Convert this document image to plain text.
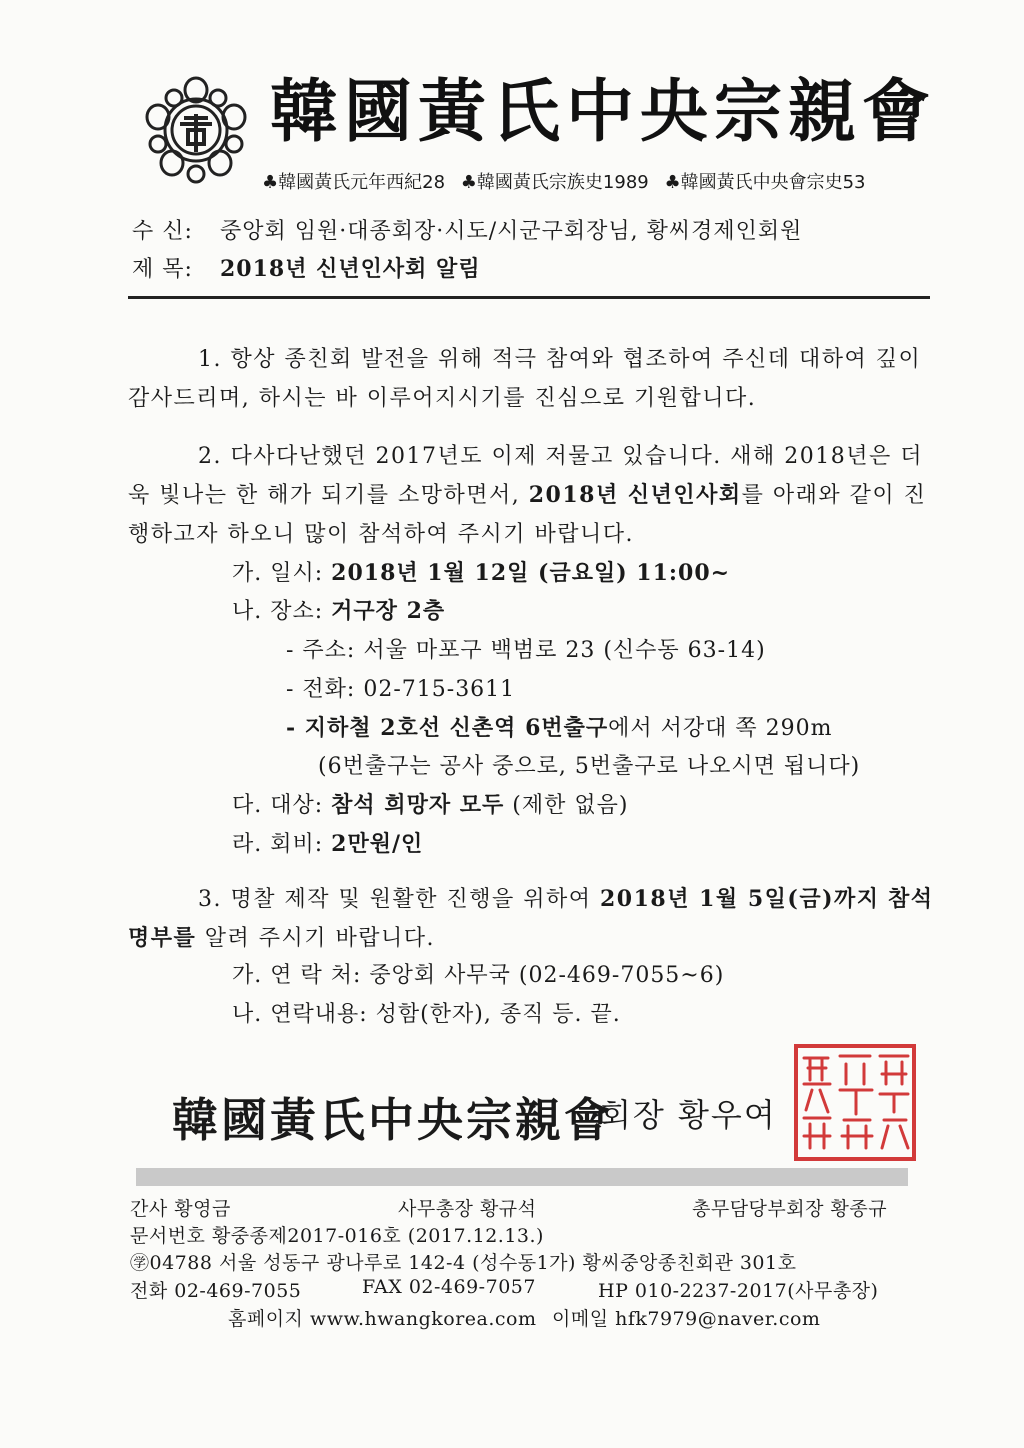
韓國黃氏中央宗親會
♣韓國黃氏元年西紀28 ♣韓國黃氏宗族史1989 ♣韓國黃氏中央會宗史53
수 신: 중앙회 임원·대종회장·시도/시군구회장님, 황씨경제인회원
제 목: 2018년 신년인사회 알림
1. 항상 종친회 발전을 위해 적극 참여와 협조하여 주신데 대하여 깊이 감사드리며, 하시는 바 이루어지시기를 진심으로 기원합니다.
2. 다사다난했던 2017년도 이제 저물고 있습니다. 새해 2018년은 더욱 빛나는 한 해가 되기를 소망하면서, 2018년 신년인사회를 아래와 같이 진행하고자 하오니 많이 참석하여 주시기 바랍니다.
가. 일시: 2018년 1월 12일 (금요일) 11:00~
나. 장소: 거구장 2층
- 주소: 서울 마포구 백범로 23 (신수동 63-14)
- 전화: 02-715-3611
- 지하철 2호선 신촌역 6번출구에서 서강대 쪽 290m
(6번출구는 공사 중으로, 5번출구로 나오시면 됩니다)
다. 대상: 참석 희망자 모두 (제한 없음)
라. 회비: 2만원/인
3. 명찰 제작 및 원활한 진행을 위하여 2018년 1월 5일(금)까지 참석 명부를 알려 주시기 바랍니다.
가. 연 락 처: 중앙회 사무국 (02-469-7055~6)
나. 연락내용: 성함(한자), 종직 등. 끝.
韓國黃氏中央宗親會
회장 황우여
간사 황영금	사무총장 황규석	총무담당부회장 황종규
문서번호 황중종제2017-016호 (2017.12.13.)
㊫04788 서울 성동구 광나루로 142-4 (성수동1가) 황씨중앙종친회관 301호
전화 02-469-7055	FAX 02-469-7057	HP 010-2237-2017(사무총장)
홈페이지 www.hwangkorea.com 이메일 hfk7979@naver.com
